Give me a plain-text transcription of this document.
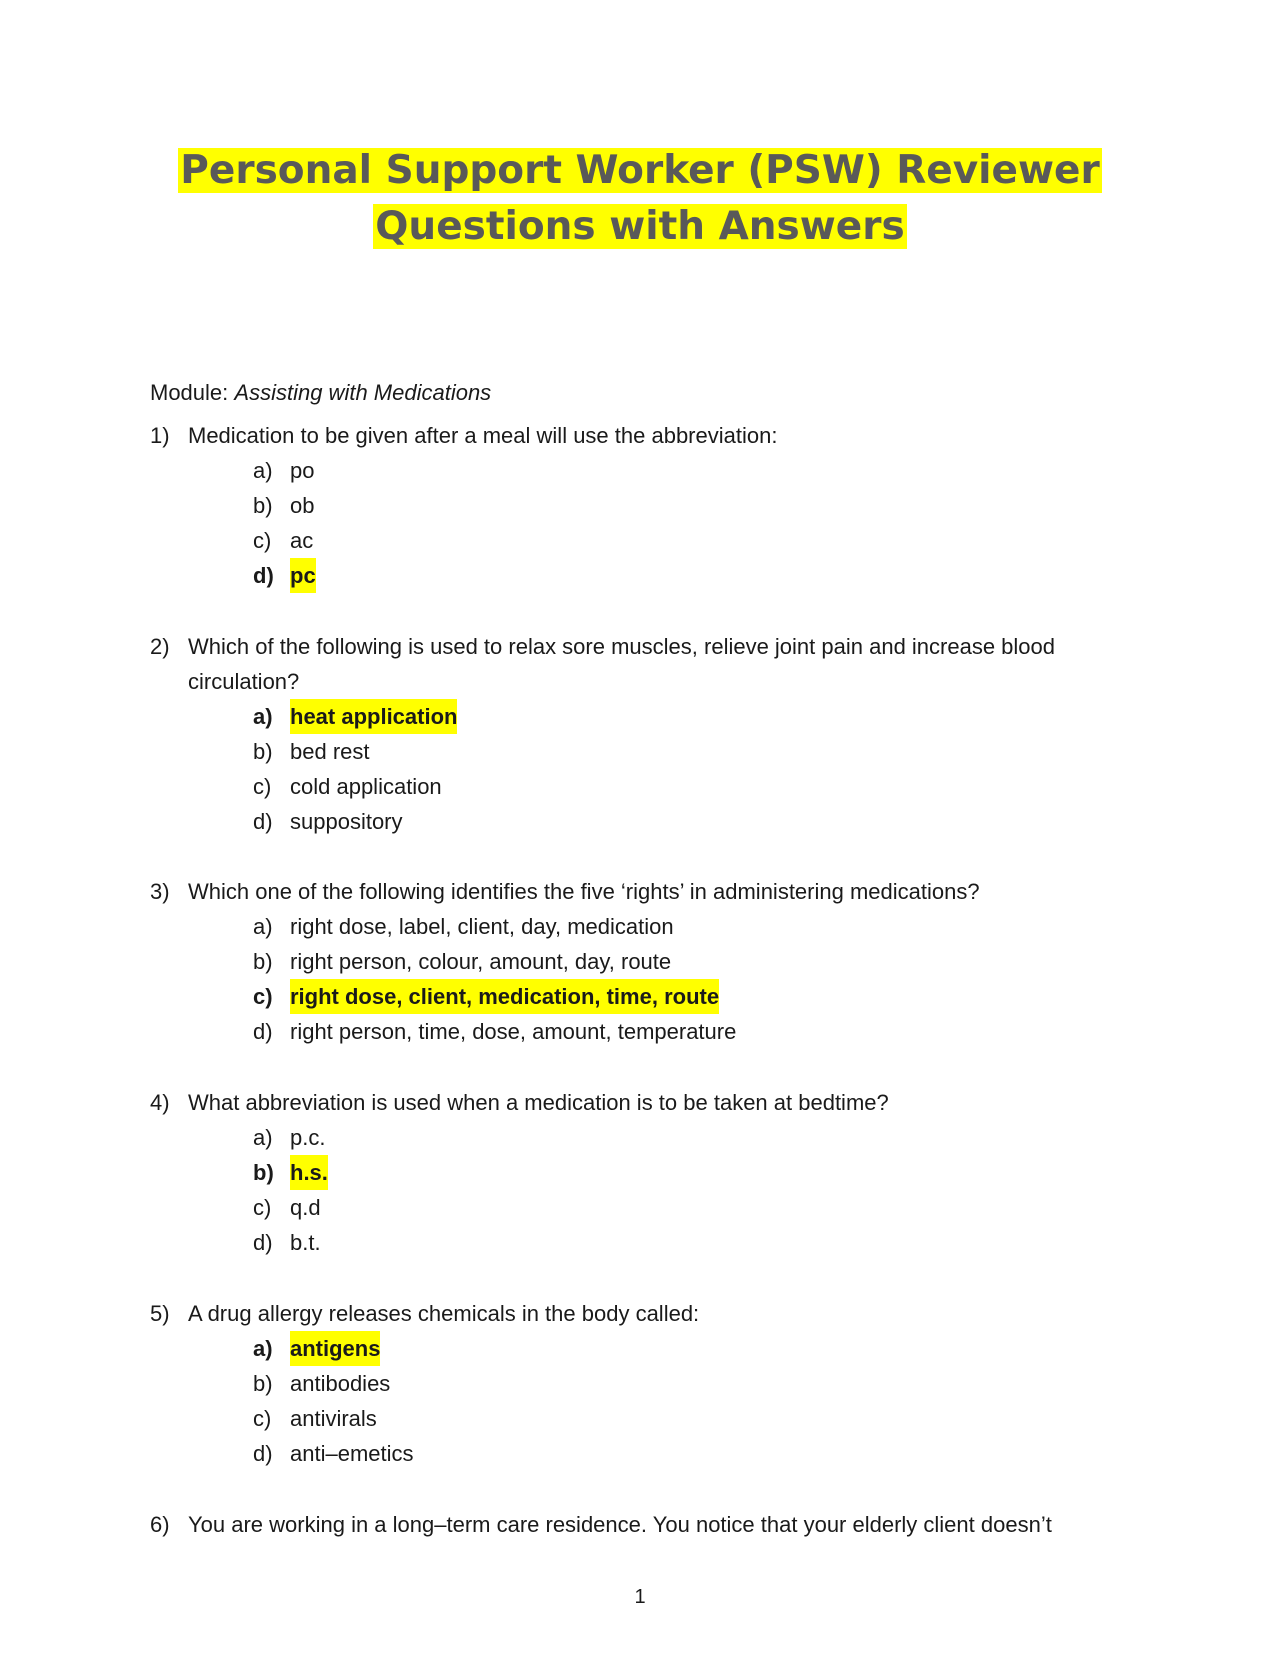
Personal Support Worker (PSW) Reviewer
Questions with Answers
Module: Assisting with Medications
1) Medication to be given after a meal will use the abbreviation:
a) po
b) ob
c) ac
d) pc
2) Which of the following is used to relax sore muscles, relieve joint pain and increase blood circulation?
a) heat application
b) bed rest
c) cold application
d) suppository
3) Which one of the following identifies the five ‘rights’ in administering medications?
a) right dose, label, client, day, medication
b) right person, colour, amount, day, route
c) right dose, client, medication, time, route
d) right person, time, dose, amount, temperature
4) What abbreviation is used when a medication is to be taken at bedtime?
a) p.c.
b) h.s.
c) q.d
d) b.t.
5) A drug allergy releases chemicals in the body called:
a) antigens
b) antibodies
c) antivirals
d) anti–emetics
6) You are working in a long–term care residence. You notice that your elderly client doesn’t
1
